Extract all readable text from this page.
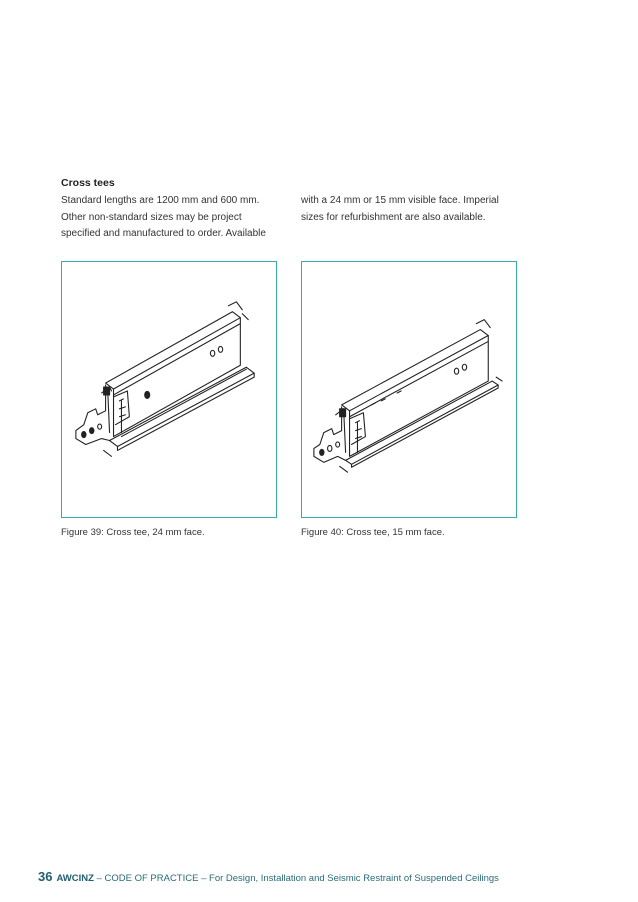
Cross tees

Standard lengths are 1200 mm and 600 mm.

Other non-standard sizes may be project

specified and manufactured to order. Available

with a 24 mm or 15 mm visible face. Imperial

sizes for refurbishment are also available.

Figure 39: Cross tee, 24 mm face.	Figure 40: Cross tee, 15 mm face.
36 AWCINZ – CODE OF PRACTICE – For Design, Installation and Seismic Restraint of Suspended Ceilings
